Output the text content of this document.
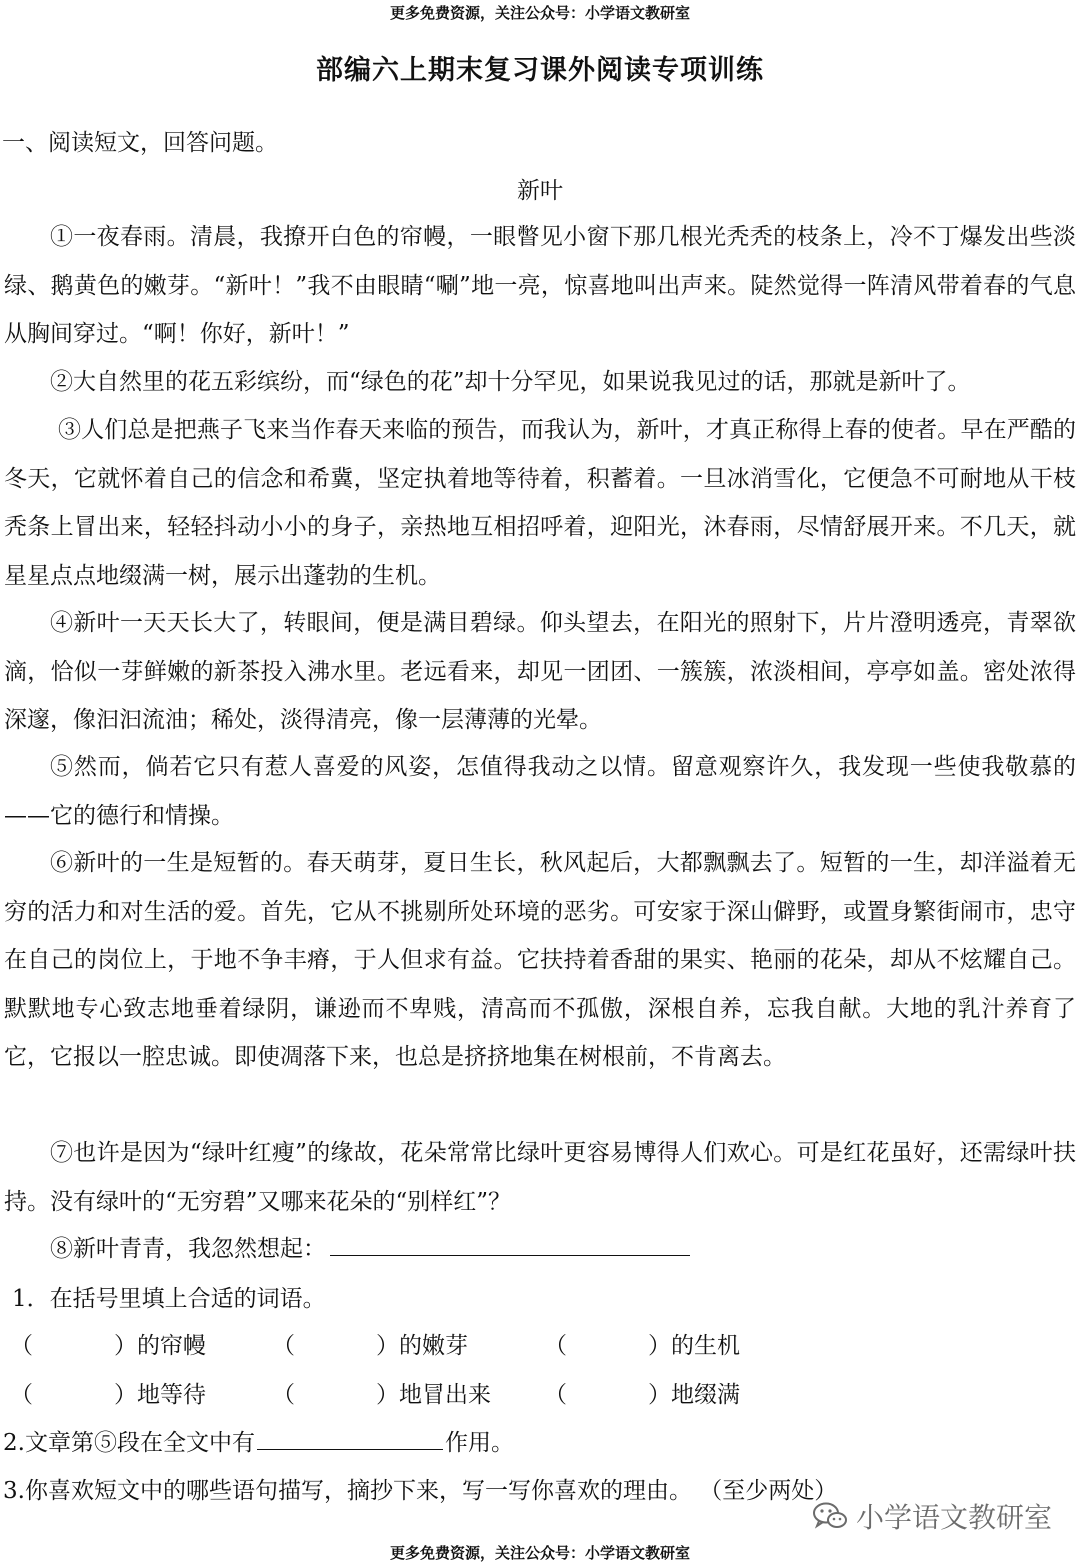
更多免费资源，关注公众号：小学语文教研室
部编六上期末复习课外阅读专项训练
一、阅读短文，回答问题。
新叶

①一夜春雨。清晨，我撩开白色的帘幔，一眼瞥见小窗下那几根光秃秃的枝条上，冷不丁爆发出些淡绿、鹅黄色的嫩芽。“新叶！”我不由眼睛“唰”地一亮，惊喜地叫出声来。陡然觉得一阵清风带着春的气息从胸间穿过。“啊！你好，新叶！”

②大自然里的花五彩缤纷，而“绿色的花”却十分罕见，如果说我见过的话，那就是新叶了。

③人们总是把燕子飞来当作春天来临的预告，而我认为，新叶，才真正称得上春的使者。早在严酷的冬天，它就怀着自己的信念和希冀，坚定执着地等待着，积蓄着。一旦冰消雪化，它便急不可耐地从干枝秃条上冒出来，轻轻抖动小小的身子，亲热地互相招呼着，迎阳光，沐春雨，尽情舒展开来。不几天，就星星点点地缀满一树，展示出蓬勃的生机。

④新叶一天天长大了，转眼间，便是满目碧绿。仰头望去，在阳光的照射下，片片澄明透亮，青翠欲滴，恰似一芽鲜嫩的新茶投入沸水里。老远看来，却见一团团、一簇簇，浓淡相间，亭亭如盖。密处浓得深邃，像汩汩流油；稀处，淡得清亮，像一层薄薄的光晕。

⑤然而，倘若它只有惹人喜爱的风姿，怎值得我动之以情。留意观察许久，我发现一些使我敬慕的——它的德行和情操。

⑥新叶的一生是短暂的。春天萌芽，夏日生长，秋风起后，大都飘飘去了。短暂的一生，却洋溢着无穷的活力和对生活的爱。首先，它从不挑剔所处环境的恶劣。可安家于深山僻野，或置身繁街闹市，忠守在自己的岗位上，于地不争丰瘠，于人但求有益。它扶持着香甜的果实、艳丽的花朵，却从不炫耀自己。默默地专心致志地垂着绿阴，谦逊而不卑贱，清高而不孤傲，深根自养，忘我自献。大地的乳汁养育了它，它报以一腔忠诚。即使凋落下来，也总是挤挤地集在树根前，不肯离去。

⑦也许是因为“绿叶红瘦”的缘故，花朵常常比绿叶更容易博得人们欢心。可是红花虽好，还需绿叶扶持。没有绿叶的“无穷碧”又哪来花朵的“别样红”？

⑧新叶青青，我忽然想起：

1．在括号里填上合适的词语。
（	）的帘幔	（	）的嫩芽	（	）的生机
（	）地等待	（	）地冒出来 （	）地缀满
2.文章第⑤段在全文中有	作用。
3.你喜欢短文中的哪些语句描写，摘抄下来，写一写你喜欢的理由。 （至少两处）
小学语文教研室
更多免费资源，关注公众号：小学语文教研室
